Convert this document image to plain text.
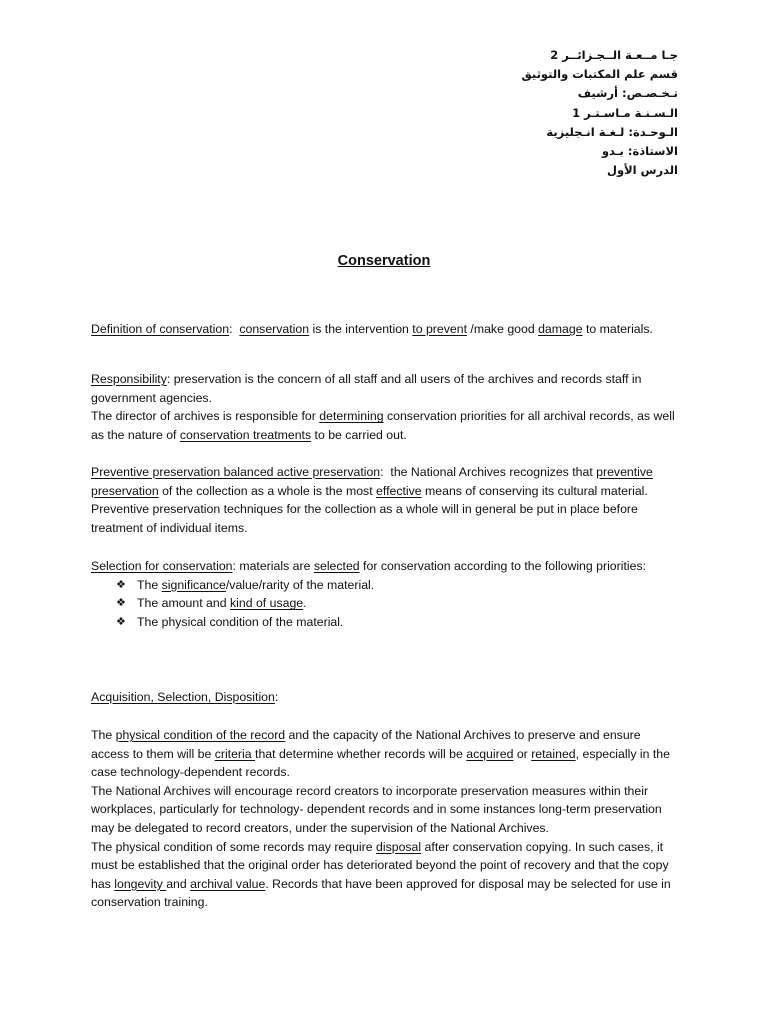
جـا مــعـة الــجـزائــر 2
قسم علم المكتبات والتوثيق
تـخـصـص: أرشيف
الـسـنـة مـاسـتـر 1
الـوحـدة: لـغـة انـجليزية
الاستاذة: بـدو
الدرس الأول
Conservation

Definition of conservation: conservation is the intervention to prevent /make good damage to materials.

Responsibility: preservation is the concern of all staff and all users of the archives and records staff in government agencies.

The director of archives is responsible for determining conservation priorities for all archival records, as well as the nature of conservation treatments to be carried out.

Preventive preservation balanced active preservation: the National Archives recognizes that preventive preservation of the collection as a whole is the most effective means of conserving its cultural material. Preventive preservation techniques for the collection as a whole will in general be put in place before treatment of individual items.

Selection for conservation: materials are selected for conservation according to the following priorities:

❖ The significance/value/rarity of the material.
❖ The amount and kind of usage.
❖ The physical condition of the material.

Acquisition, Selection, Disposition:

The physical condition of the record and the capacity of the National Archives to preserve and ensure access to them will be criteria that determine whether records will be acquired or retained, especially in the case technology-dependent records.

The National Archives will encourage record creators to incorporate preservation measures within their workplaces, particularly for technology- dependent records and in some instances long-term preservation may be delegated to record creators, under the supervision of the National Archives.

The physical condition of some records may require disposal after conservation copying. In such cases, it must be established that the original order has deteriorated beyond the point of recovery and that the copy has longevity and archival value. Records that have been approved for disposal may be selected for use in conservation training.
